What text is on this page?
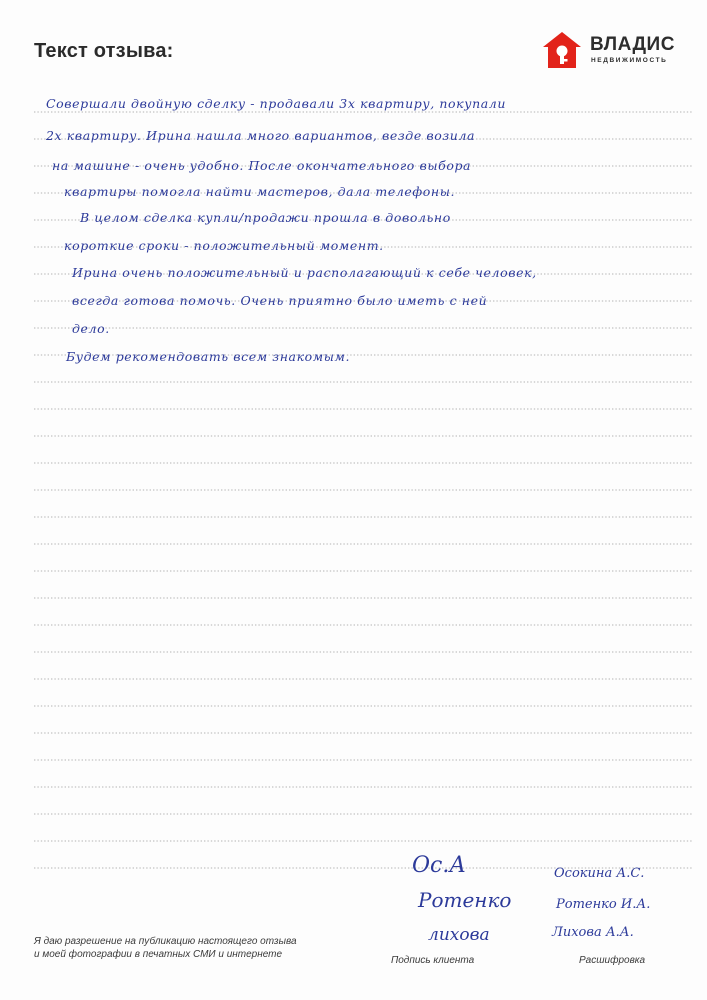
Текст отзыва:	ВЛАДИС
НЕДВИЖИМОСТЬ
Совершали двойную сделку - продавали 3х квартиру, покупали
2х квартиру. Ирина нашла много вариантов, везде возила
на машине - очень удобно. После окончательного выбора
квартиры помогла найти мастеров, дала телефоны.
В целом сделка купли/продажи прошла в довольно
короткие сроки - положительный момент.
Ирина очень положительный и располагающий к себе человек,
всегда готова помочь. Очень приятно было иметь с ней
дело.
Будем рекомендовать всем знакомым.
Ос.А
Ротенко
лихова
Осокина А.С.
Ротенко И.А.
Лихова А.А.
Я даю разрешение на публикацию настоящего отзыва
и моей фотографии в печатных СМИ и интернете
Подпись клиента	Расшифровка
